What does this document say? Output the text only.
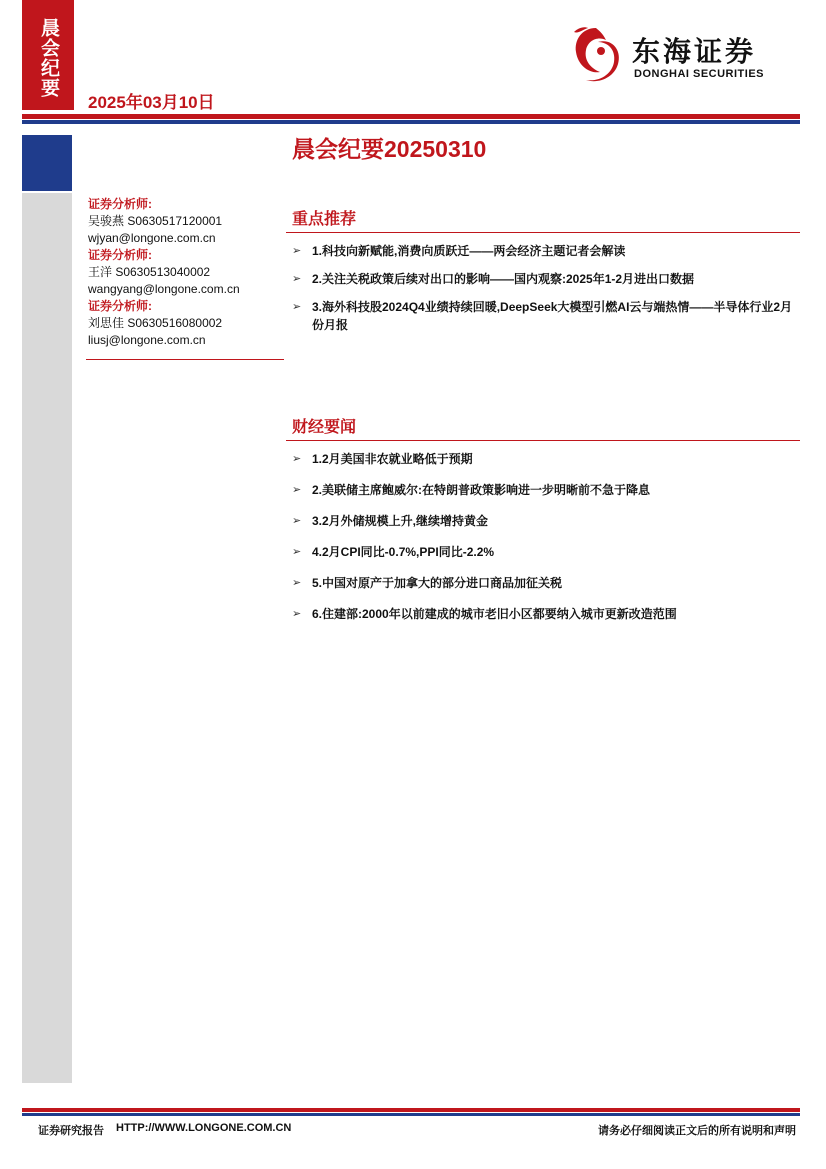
晨会纪要
2025年03月10日
东海证券
DONGHAI SECURITIES
晨会纪要20250310
证券分析师:
吴骏燕 S0630517120001
wjyan@longone.com.cn
证券分析师:
王洋 S0630513040002
wangyang@longone.com.cn
证券分析师:
刘思佳 S0630516080002
liusj@longone.com.cn
重点推荐
➢ 1.科技向新赋能,消费向质跃迁——两会经济主题记者会解读
➢ 2.关注关税政策后续对出口的影响——国内观察:2025年1-2月进出口数据
➢ 3.海外科技股2024Q4业绩持续回暖,DeepSeek大模型引燃AI云与端热情——半导体行业2月份月报
财经要闻
➢ 1.2月美国非农就业略低于预期
➢ 2.美联储主席鲍威尔:在特朗普政策影响进一步明晰前不急于降息
➢ 3.2月外储规模上升,继续增持黄金
➢ 4.2月CPI同比-0.7%,PPI同比-2.2%
➢ 5.中国对原产于加拿大的部分进口商品加征关税
➢ 6.住建部:2000年以前建成的城市老旧小区都要纳入城市更新改造范围
证券研究报告 HTTP://WWW.LONGONE.COM.CN	请务必仔细阅读正文后的所有说明和声明
